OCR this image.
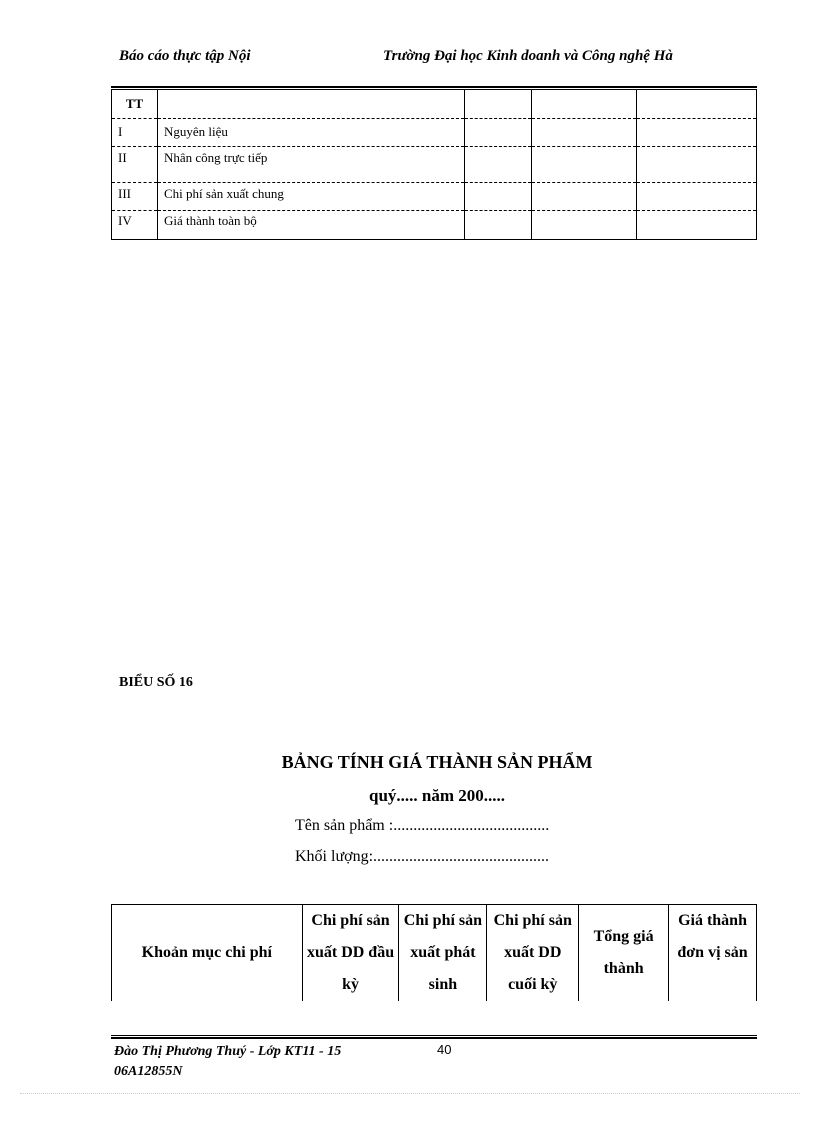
Báo cáo thực tập Nội	Trường Đại học Kinh doanh và Công nghệ Hà
TT				
I	Nguyên liệu			
II	Nhân công trực tiếp			
III	Chi phí sản xuất chung			
IV	Giá thành toàn bộ			
BIỂU SỐ 16
BẢNG TÍNH GIÁ THÀNH SẢN PHẨM
quý..... năm 200.....
Tên sản phẩm :.......................................
Khối lượng:............................................
Khoản mục chi phí	Chi phí sản xuất DD đầu kỳ	Chi phí sản xuất phát sinh	Chi phí sản xuất DD cuối kỳ	Tổng giá thành	Giá thành đơn vị sản
Đào Thị Phương Thuý - Lớp KT11 - 15 06A12855N
40
